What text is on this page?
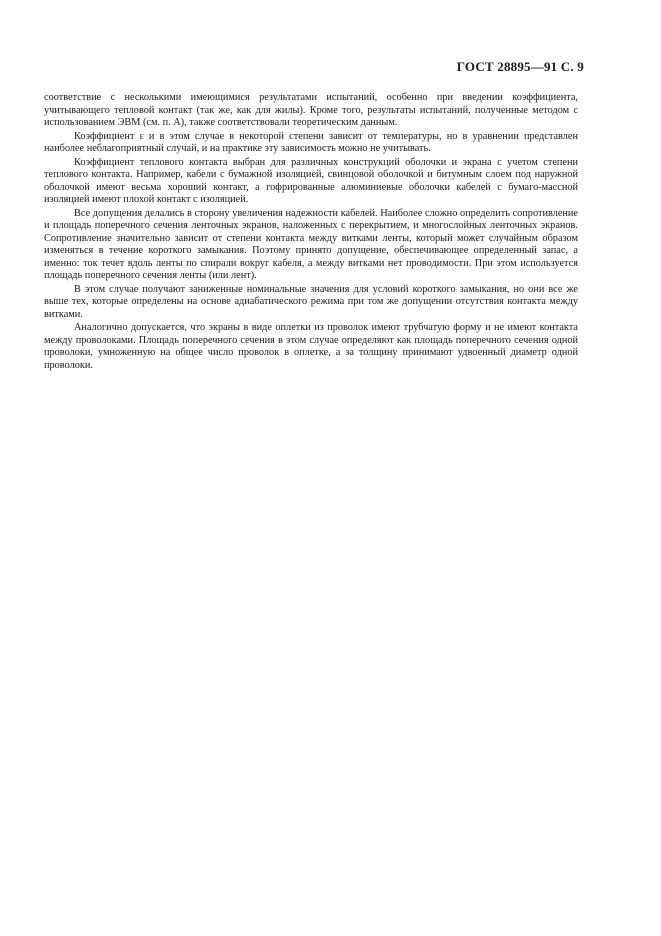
ГОСТ 28895—91 С. 9

соответствие с несколькими имеющимися результатами испытаний, особенно при введении коэффициента, учитывающего тепловой контакт (так же, как для жилы). Кроме того, результаты испытаний, полученные методом с использованием ЭВМ (см. п. А), также соответствовали теоретическим данным.

Коэффициент ε и в этом случае в некоторой степени зависит от температуры, но в уравнении представлен наиболее неблагоприятный случай, и на практике эту зависимость можно не учитывать.

Коэффициент теплового контакта выбран для различных конструкций оболочки и экрана с учетом степени теплового контакта. Например, кабели с бумажной изоляцией, свинцовой оболочкой и битумным слоем под наружной оболочкой имеют весьма хороший контакт, а гофрированные алюминиевые оболочки кабелей с бумаго-массной изоляцией имеют плохой контакт с изоляцией.

Все допущения делались в сторону увеличения надежности кабелей. Наиболее сложно определить сопротивление и площадь поперечного сечения ленточных экранов, наложенных с перекрытием, и многослойных ленточных экранов. Сопротивление значительно зависит от степени контакта между витками ленты, который может случайным образом изменяться в течение короткого замыкания. Поэтому принято допущение, обеспечивающее определенный запас, а именно: ток течет вдоль ленты по спирали вокруг кабеля, а между витками нет проводимости. При этом используется площадь поперечного сечения ленты (или лент).

В этом случае получают заниженные номинальные значения для условий короткого замыкания, но они все же выше тех, которые определены на основе адиабатического режима при том же допущении отсутствия контакта между витками.

Аналогично допускается, что экраны в виде оплетки из проволок имеют трубчатую форму и не имеют контакта между проволоками. Площадь поперечного сечения в этом случае определяют как площадь поперечного сечения одной проволоки, умноженную на общее число проволок в оплетке, а за толщину принимают удвоенный диаметр одной проволоки.
